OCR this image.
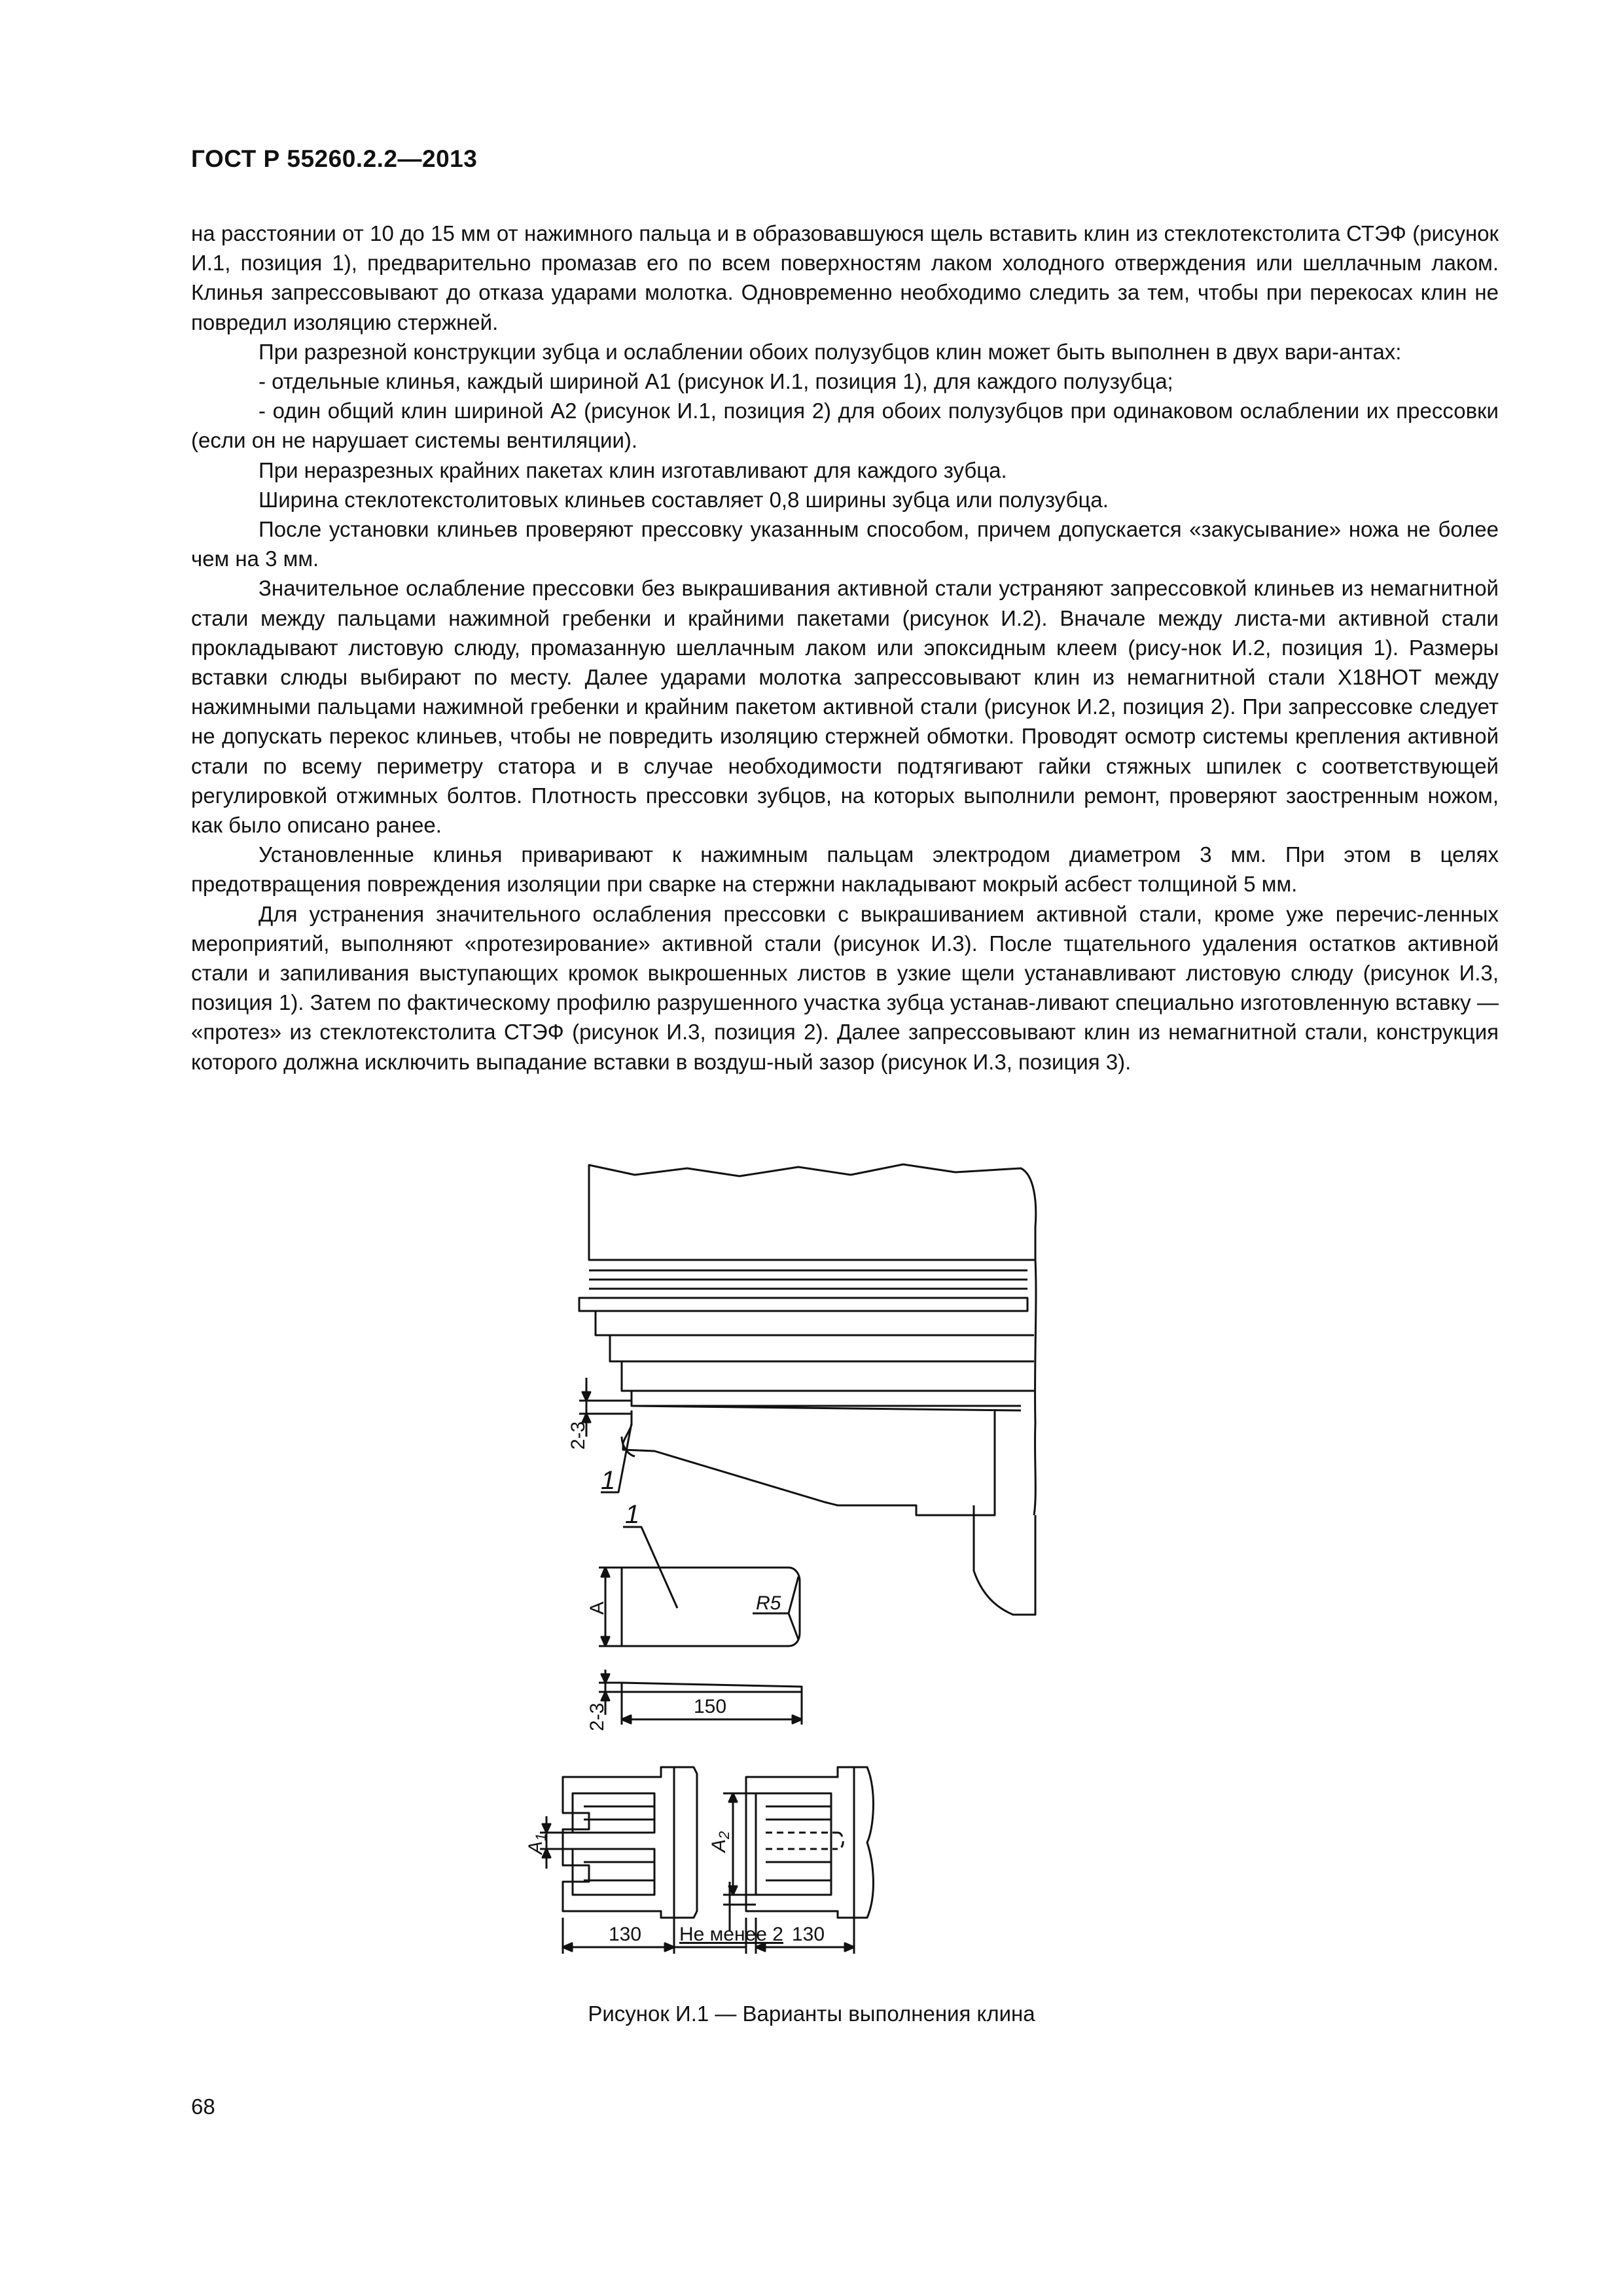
ГОСТ Р 55260.2.2—2013

на расстоянии от 10 до 15 мм от нажимного пальца и в образовавшуюся щель вставить клин из стеклотекстолита СТЭФ (рисунок И.1, позиция 1), предварительно промазав его по всем поверхностям лаком холодного отверждения или шеллачным лаком. Клинья запрессовывают до отказа ударами молотка. Одновременно необходимо следить за тем, чтобы при перекосах клин не повредил изоляцию стержней.

При разрезной конструкции зубца и ослаблении обоих полузубцов клин может быть выполнен в двух вари-антах:

- отдельные клинья, каждый шириной А1 (рисунок И.1, позиция 1), для каждого полузубца;

- один общий клин шириной А2 (рисунок И.1, позиция 2) для обоих полузубцов при одинаковом ослаблении их прессовки (если он не нарушает системы вентиляции).

При неразрезных крайних пакетах клин изготавливают для каждого зубца.

Ширина стеклотекстолитовых клиньев составляет 0,8 ширины зубца или полузубца.

После установки клиньев проверяют прессовку указанным способом, причем допускается «закусывание» ножа не более чем на 3 мм.

Значительное ослабление прессовки без выкрашивания активной стали устраняют запрессовкой клиньев из немагнитной стали между пальцами нажимной гребенки и крайними пакетами (рисунок И.2). Вначале между листа-ми активной стали прокладывают листовую слюду, промазанную шеллачным лаком или эпоксидным клеем (рису-нок И.2, позиция 1). Размеры вставки слюды выбирают по месту. Далее ударами молотка запрессовывают клин из немагнитной стали Х18НОТ между нажимными пальцами нажимной гребенки и крайним пакетом активной стали (рисунок И.2, позиция 2). При запрессовке следует не допускать перекос клиньев, чтобы не повредить изоляцию стержней обмотки. Проводят осмотр системы крепления активной стали по всему периметру статора и в случае необходимости подтягивают гайки стяжных шпилек с соответствующей регулировкой отжимных болтов. Плотность прессовки зубцов, на которых выполнили ремонт, проверяют заостренным ножом, как было описано ранее.

Установленные клинья приваривают к нажимным пальцам электродом диаметром 3 мм. При этом в целях предотвращения повреждения изоляции при сварке на стержни накладывают мокрый асбест толщиной 5 мм.

Для устранения значительного ослабления прессовки с выкрашиванием активной стали, кроме уже перечис-ленных мероприятий, выполняют «протезирование» активной стали (рисунок И.3). После тщательного удаления остатков активной стали и запиливания выступающих кромок выкрошенных листов в узкие щели устанавливают листовую слюду (рисунок И.3, позиция 1). Затем по фактическому профилю разрушенного участка зубца устанав-ливают специально изготовленную вставку — «протез» из стеклотекстолита СТЭФ (рисунок И.3, позиция 2). Далее запрессовывают клин из немагнитной стали, конструкция которого должна исключить выпадание вставки в воздуш-ный зазор (рисунок И.3, позиция 3).

2-3
1
1
A	R5
2-3	150
$A_1$
$A_2$
130 Не менее 2 130
Рисунок И.1 — Варианты выполнения клина
68
